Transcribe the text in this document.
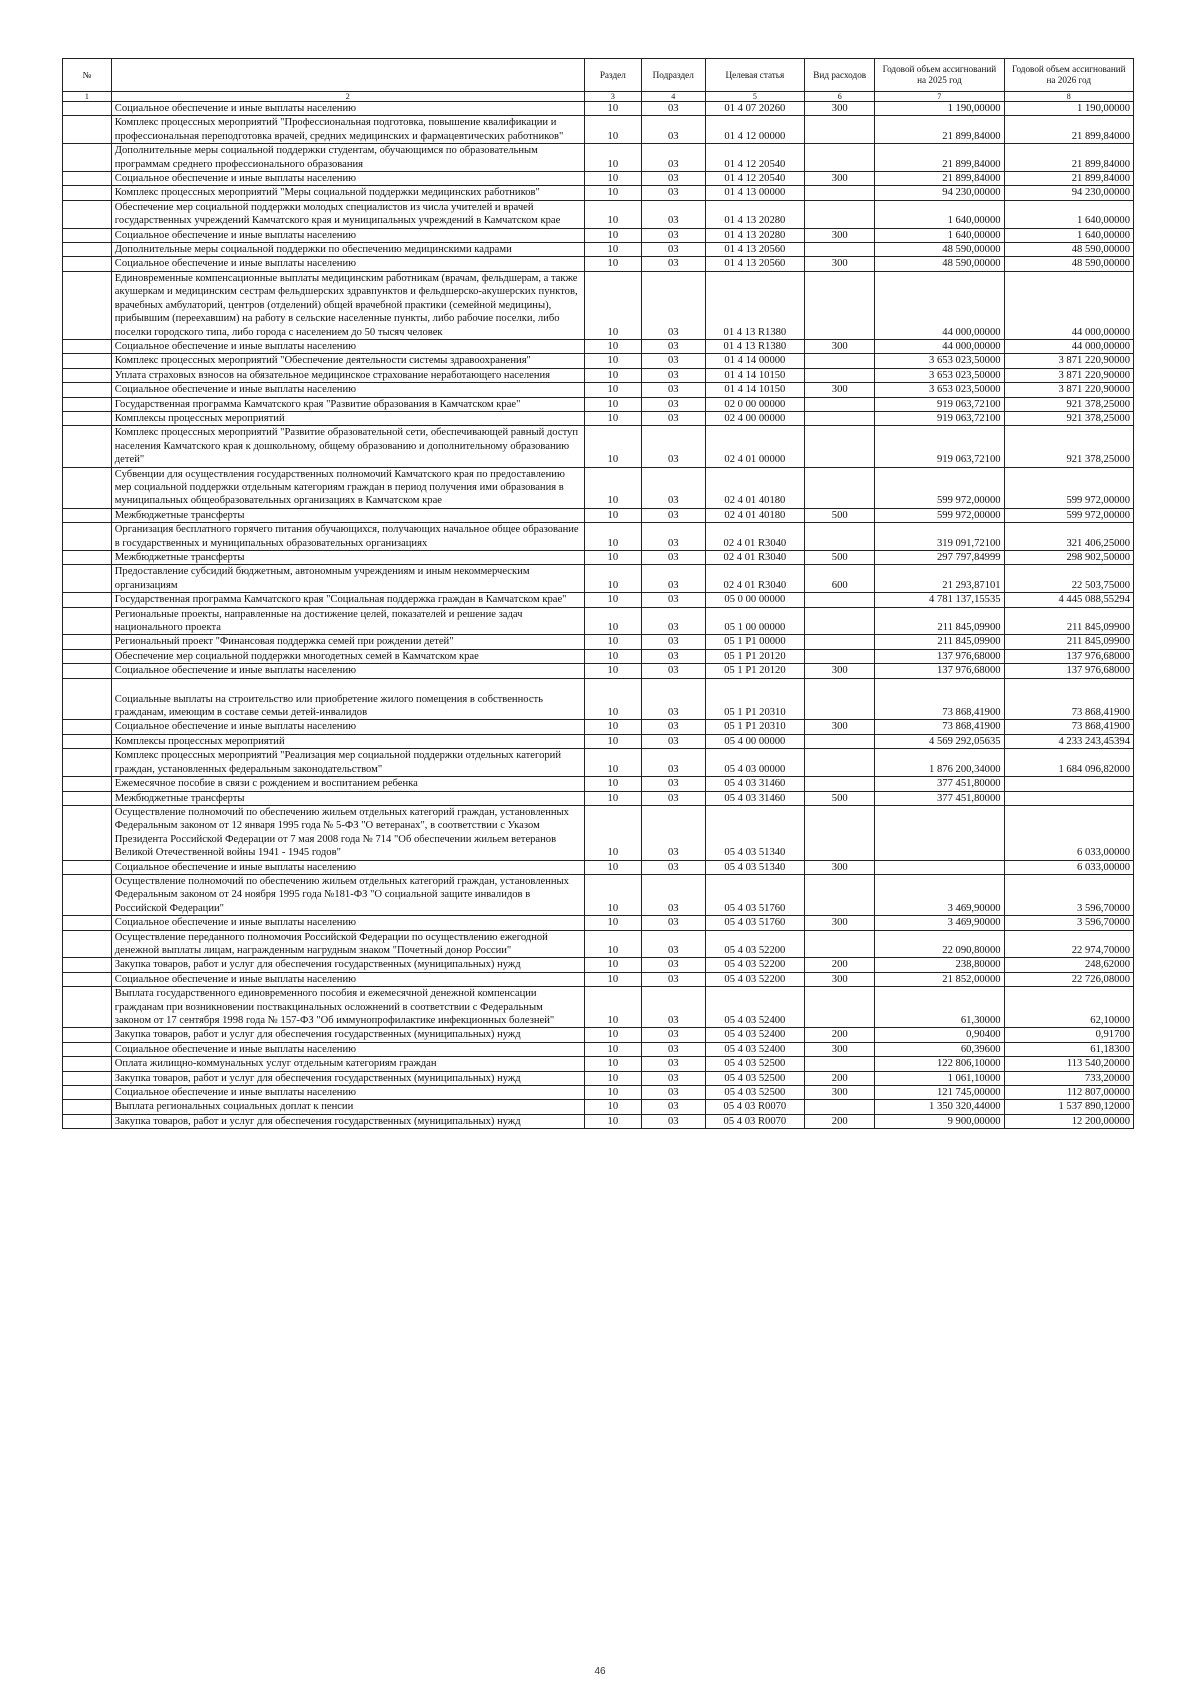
№		Раздел	Подраздел	Целевая статья	Вид расходов	Годовой объем ассигнований на 2025 год	Годовой объем ассигнований на 2026 год
1	2	3	4	5	6	7	8
	Социальное обеспечение и иные выплаты населению	10	03	01 4 07 20260	300	1 190,00000	1 190,00000
	Комплекс процессных мероприятий "Профессиональная подготовка, повышение квалификации и профессиональная переподготовка врачей, средних медицинских и фармацевтических работников"	10	03	01 4 12 00000		21 899,84000	21 899,84000
	Дополнительные меры социальной поддержки студентам, обучающимся по образовательным программам среднего профессионального образования	10	03	01 4 12 20540		21 899,84000	21 899,84000
	Социальное обеспечение и иные выплаты населению	10	03	01 4 12 20540	300	21 899,84000	21 899,84000
	Комплекс процессных мероприятий "Меры социальной поддержки медицинских работников"	10	03	01 4 13 00000		94 230,00000	94 230,00000
	Обеспечение мер социальной поддержки молодых специалистов из числа учителей и врачей государственных учреждений Камчатского края и муниципальных учреждений в Камчатском крае	10	03	01 4 13 20280		1 640,00000	1 640,00000
	Социальное обеспечение и иные выплаты населению	10	03	01 4 13 20280	300	1 640,00000	1 640,00000
	Дополнительные меры социальной поддержки по обеспечению медицинскими кадрами	10	03	01 4 13 20560		48 590,00000	48 590,00000
	Социальное обеспечение и иные выплаты населению	10	03	01 4 13 20560	300	48 590,00000	48 590,00000
	Единовременные компенсационные выплаты медицинским работникам (врачам, фельдшерам, а также акушеркам и медицинским сестрам фельдшерских здравпунктов и фельдшерско-акушерских пунктов, врачебных амбулаторий, центров (отделений) общей врачебной практики (семейной медицины), прибывшим (переехавшим) на работу в сельские населенные пункты, либо рабочие поселки, либо поселки городского типа, либо города с населением до 50 тысяч человек	10	03	01 4 13 R1380		44 000,00000	44 000,00000
	Социальное обеспечение и иные выплаты населению	10	03	01 4 13 R1380	300	44 000,00000	44 000,00000
	Комплекс процессных мероприятий "Обеспечение деятельности системы здравоохранения"	10	03	01 4 14 00000		3 653 023,50000	3 871 220,90000
	Уплата страховых взносов на обязательное медицинское страхование неработающего населения	10	03	01 4 14 10150		3 653 023,50000	3 871 220,90000
	Социальное обеспечение и иные выплаты населению	10	03	01 4 14 10150	300	3 653 023,50000	3 871 220,90000
	Государственная программа Камчатского края "Развитие образования в Камчатском крае"	10	03	02 0 00 00000		919 063,72100	921 378,25000
	Комплексы процессных мероприятий	10	03	02 4 00 00000		919 063,72100	921 378,25000
	Комплекс процессных мероприятий "Развитие образовательной сети, обеспечивающей равный доступ населения Камчатского края к дошкольному, общему образованию и дополнительному образованию детей"	10	03	02 4 01 00000		919 063,72100	921 378,25000
	Субвенции для осуществления государственных полномочий Камчатского края по предоставлению мер социальной поддержки отдельным категориям граждан в период получения ими образования в муниципальных общеобразовательных организациях в Камчатском крае	10	03	02 4 01 40180		599 972,00000	599 972,00000
	Межбюджетные трансферты	10	03	02 4 01 40180	500	599 972,00000	599 972,00000
	Организация бесплатного горячего питания обучающихся, получающих начальное общее образование в государственных и муниципальных образовательных организациях	10	03	02 4 01 R3040		319 091,72100	321 406,25000
	Межбюджетные трансферты	10	03	02 4 01 R3040	500	297 797,84999	298 902,50000
	Предоставление субсидий бюджетным, автономным учреждениям и иным некоммерческим организациям	10	03	02 4 01 R3040	600	21 293,87101	22 503,75000
	Государственная программа Камчатского края "Социальная поддержка граждан в Камчатском крае"	10	03	05 0 00 00000		4 781 137,15535	4 445 088,55294
	Региональные проекты, направленные на достижение целей, показателей и решение задач национального проекта	10	03	05 1 00 00000		211 845,09900	211 845,09900
	Региональный проект "Финансовая поддержка семей при рождении детей"	10	03	05 1 P1 00000		211 845,09900	211 845,09900
	Обеспечение мер социальной поддержки многодетных семей в Камчатском крае	10	03	05 1 P1 20120		137 976,68000	137 976,68000
	Социальное обеспечение и иные выплаты населению	10	03	05 1 P1 20120	300	137 976,68000	137 976,68000
	Социальные выплаты на строительство или приобретение жилого помещения в собственность гражданам, имеющим в составе семьи детей-инвалидов	10	03	05 1 P1 20310		73 868,41900	73 868,41900
	Социальное обеспечение и иные выплаты населению	10	03	05 1 P1 20310	300	73 868,41900	73 868,41900
	Комплексы процессных мероприятий	10	03	05 4 00 00000		4 569 292,05635	4 233 243,45394
	Комплекс процессных мероприятий "Реализация мер социальной поддержки отдельных категорий граждан, установленных федеральным законодательством"	10	03	05 4 03 00000		1 876 200,34000	1 684 096,82000
	Ежемесячное пособие в связи с рождением и воспитанием ребенка	10	03	05 4 03 31460		377 451,80000	
	Межбюджетные трансферты	10	03	05 4 03 31460	500	377 451,80000	
	Осуществление полномочий по обеспечению жильем отдельных категорий граждан, установленных Федеральным законом от 12 января 1995 года № 5-ФЗ "О ветеранах", в соответствии с Указом Президента Российской Федерации от 7 мая 2008 года № 714 "Об обеспечении жильем ветеранов Великой Отечественной войны 1941 - 1945 годов"	10	03	05 4 03 51340			6 033,00000
	Социальное обеспечение и иные выплаты населению	10	03	05 4 03 51340	300		6 033,00000
	Осуществление полномочий по обеспечению жильем отдельных категорий граждан, установленных Федеральным законом от 24 ноября 1995 года №181-ФЗ "О социальной защите инвалидов в Российской Федерации"	10	03	05 4 03 51760		3 469,90000	3 596,70000
	Социальное обеспечение и иные выплаты населению	10	03	05 4 03 51760	300	3 469,90000	3 596,70000
	Осуществление переданного полномочия Российской Федерации по осуществлению ежегодной денежной выплаты лицам, награжденным нагрудным знаком "Почетный донор России"	10	03	05 4 03 52200		22 090,80000	22 974,70000
	Закупка товаров, работ и услуг для обеспечения государственных (муниципальных) нужд	10	03	05 4 03 52200	200	238,80000	248,62000
	Социальное обеспечение и иные выплаты населению	10	03	05 4 03 52200	300	21 852,00000	22 726,08000
	Выплата государственного единовременного пособия и ежемесячной денежной компенсации гражданам при возникновении поствакцинальных осложнений в соответствии с Федеральным законом от 17 сентября 1998 года № 157-ФЗ "Об иммунопрофилактике инфекционных болезней"	10	03	05 4 03 52400		61,30000	62,10000
	Закупка товаров, работ и услуг для обеспечения государственных (муниципальных) нужд	10	03	05 4 03 52400	200	0,90400	0,91700
	Социальное обеспечение и иные выплаты населению	10	03	05 4 03 52400	300	60,39600	61,18300
	Оплата жилищно-коммунальных услуг отдельным категориям граждан	10	03	05 4 03 52500		122 806,10000	113 540,20000
	Закупка товаров, работ и услуг для обеспечения государственных (муниципальных) нужд	10	03	05 4 03 52500	200	1 061,10000	733,20000
	Социальное обеспечение и иные выплаты населению	10	03	05 4 03 52500	300	121 745,00000	112 807,00000
	Выплата региональных социальных доплат к пенсии	10	03	05 4 03 R0070		1 350 320,44000	1 537 890,12000
	Закупка товаров, работ и услуг для обеспечения государственных (муниципальных) нужд	10	03	05 4 03 R0070	200	9 900,00000	12 200,00000
46
